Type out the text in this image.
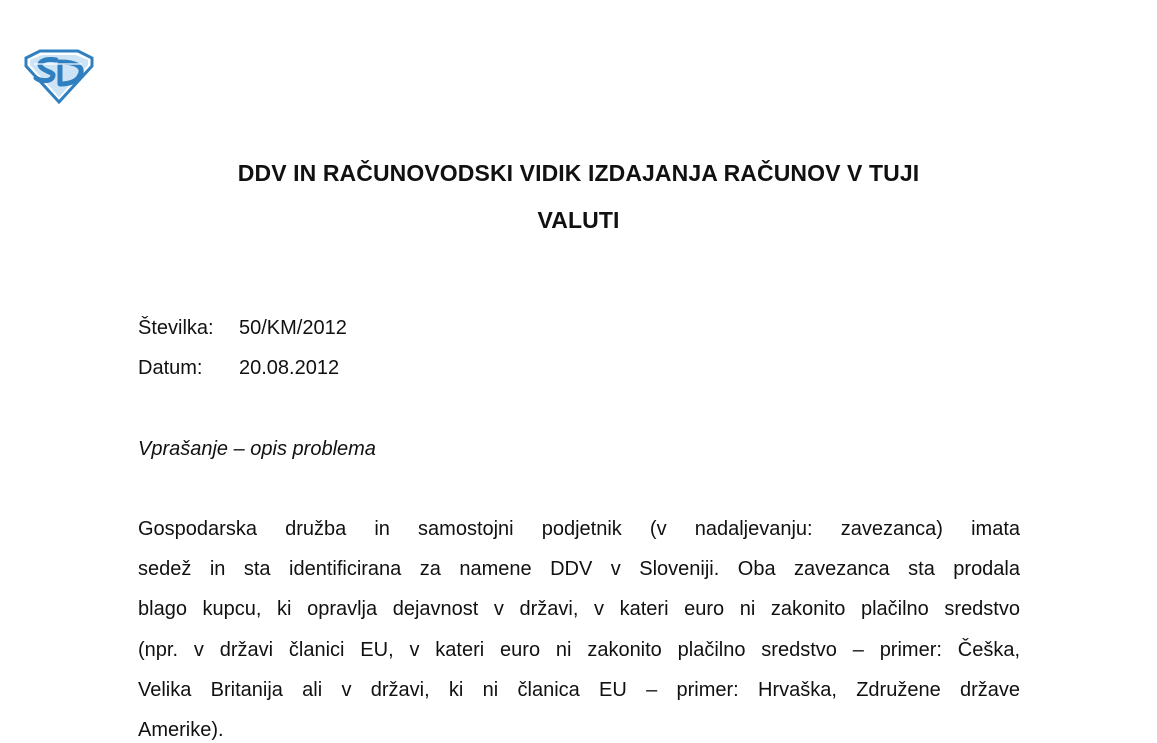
DDV IN RAČUNOVODSKI VIDIK IZDAJANJA RAČUNOV V TUJI
VALUTI
Številka: 50/KM/2012
Datum: 20.08.2012
Vprašanje – opis problema
Gospodarska družba in samostojni podjetnik (v nadaljevanju: zavezanca) imata
sedež in sta identificirana za namene DDV v Sloveniji. Oba zavezanca sta prodala
blago kupcu, ki opravlja dejavnost v državi, v kateri euro ni zakonito plačilno sredstvo
(npr. v državi članici EU, v kateri euro ni zakonito plačilno sredstvo – primer: Češka,
Velika Britanija ali v državi, ki ni članica EU – primer: Hrvaška, Združene države
Amerike).
